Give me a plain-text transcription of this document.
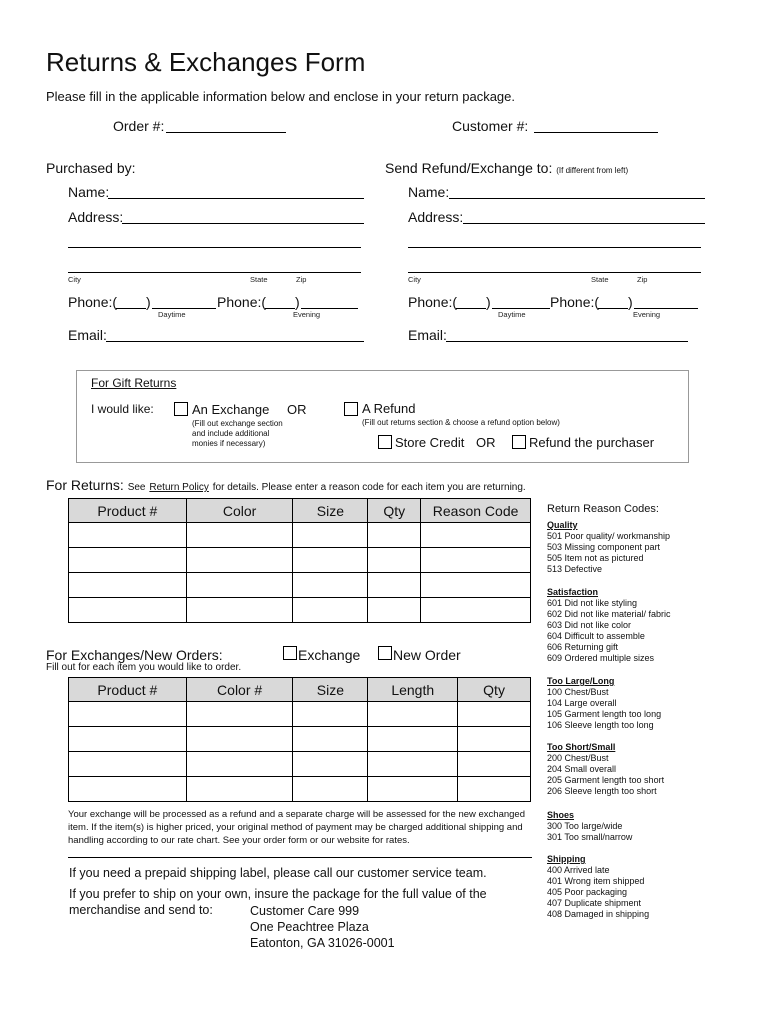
Returns & Exchanges Form
Please fill in the applicable information below and enclose in your return package.
Order #:	Customer #:
Purchased by:
Name:
Address:
City	State	Zip
Phone:( )	Phone:( )
Daytime	Evening
Email:
Send Refund/Exchange to: (If different from left)
Name:
Address:
City	State	Zip
Phone:( )	Phone:( )
Daytime	Evening
Email:
For Gift Returns
I would like:	An Exchange OR
(Fill out exchange section
and include additional
monies if necessary)
A Refund
(Fill out returns section & choose a refund option below)
Store Credit OR	Refund the purchaser
For Returns: See Return Policy for details. Please enter a reason code for each item you are returning.
Product #	Color	Size	Qty	Reason Code

For Exchanges/New Orders:
Fill out for each item you would like to order.
Exchange New Order
Product #	Color #	Size	Length	Qty

Your exchange will be processed as a refund and a separate charge will be assessed for the new exchanged item. If the item(s) is higher priced, your original method of payment may be charged additional shipping and handling according to our rate chart. See your order form or our website for rates.
If you need a prepaid shipping label, please call our customer service team.
If you prefer to ship on your own, insure the package for the full value of the
merchandise and send to:	Customer Care 999
One Peachtree Plaza
Eatonton, GA 31026-0001
Return Reason Codes:
Quality
501 Poor quality/ workmanship
503 Missing component part
505 Item not as pictured
513 Defective
Satisfaction
601 Did not like styling
602 Did not like material/ fabric
603 Did not like color
604 Difficult to assemble
606 Returning gift
609 Ordered multiple sizes
Too Large/Long
100 Chest/Bust
104 Large overall
105 Garment length too long
106 Sleeve length too long
Too Short/Small
200 Chest/Bust
204 Small overall
205 Garment length too short
206 Sleeve length too short
Shoes
300 Too large/wide
301 Too small/narrow
Shipping
400 Arrived late
401 Wrong item shipped
405 Poor packaging
407 Duplicate shipment
408 Damaged in shipping
